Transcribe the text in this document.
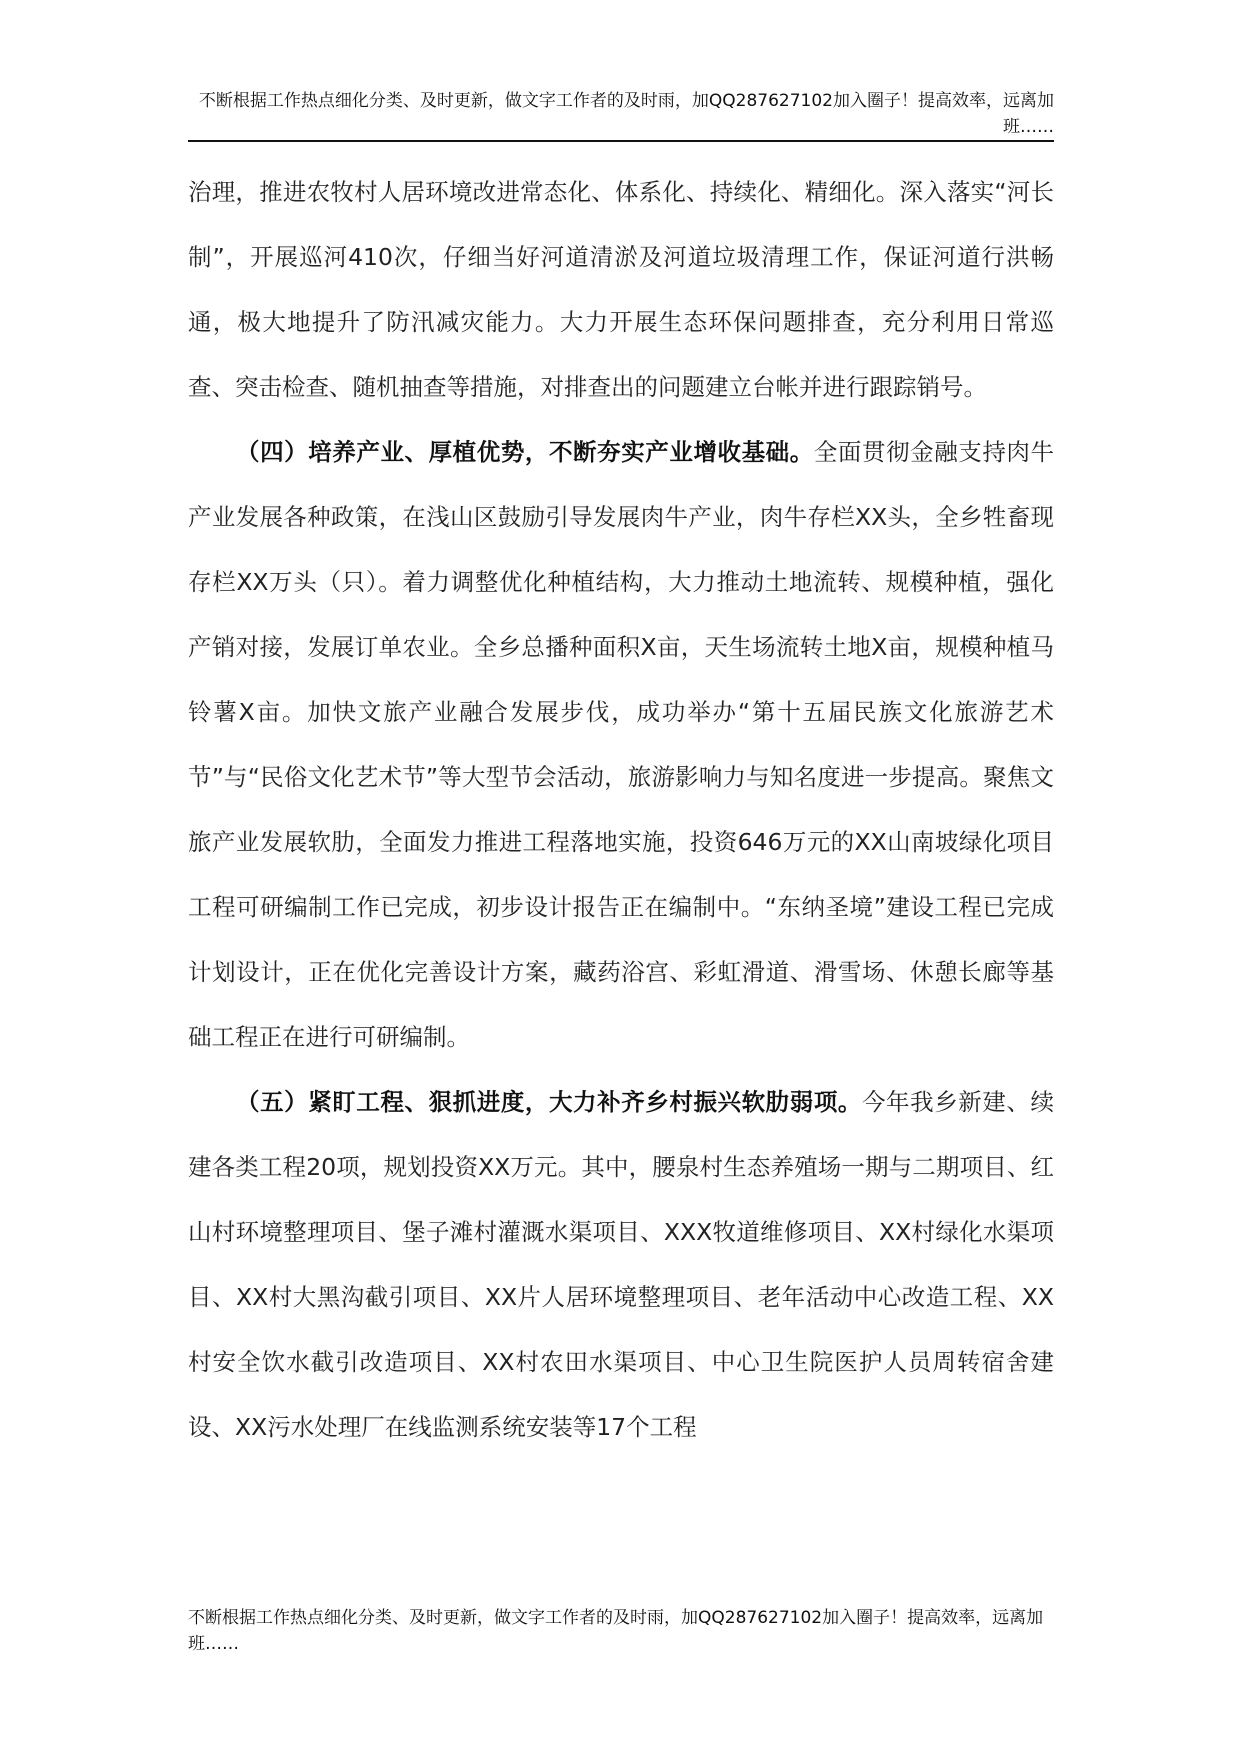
不断根据工作热点细化分类、及时更新，做文字工作者的及时雨，加QQ287627102加入圈子！提高效率，远离加班……

治理，推进农牧村人居环境改进常态化、体系化、持续化、精细化。深入落实“河长制”，开展巡河410次，仔细当好河道清淤及河道垃圾清理工作，保证河道行洪畅通，极大地提升了防汛减灾能力。大力开展生态环保问题排查，充分利用日常巡查、突击检查、随机抽查等措施，对排查出的问题建立台帐并进行跟踪销号。

（四）培养产业、厚植优势，不断夯实产业增收基础。全面贯彻金融支持肉牛产业发展各种政策，在浅山区鼓励引导发展肉牛产业，肉牛存栏XX头，全乡牲畜现存栏XX万头（只）。着力调整优化种植结构，大力推动土地流转、规模种植，强化产销对接，发展订单农业。全乡总播种面积X亩，天生场流转土地X亩，规模种植马铃薯X亩。加快文旅产业融合发展步伐，成功举办“第十五届民族文化旅游艺术节”与“民俗文化艺术节”等大型节会活动，旅游影响力与知名度进一步提高。聚焦文旅产业发展软肋，全面发力推进工程落地实施，投资646万元的XX山南坡绿化项目工程可研编制工作已完成，初步设计报告正在编制中。“东纳圣境”建设工程已完成计划设计，正在优化完善设计方案，藏药浴宫、彩虹滑道、滑雪场、休憩长廊等基础工程正在进行可研编制。

（五）紧盯工程、狠抓进度，大力补齐乡村振兴软肋弱项。今年我乡新建、续建各类工程20项，规划投资XX万元。其中，腰泉村生态养殖场一期与二期项目、红山村环境整理项目、堡子滩村灌溉水渠项目、XXX牧道维修项目、XX村绿化水渠项目、XX村大黑沟截引项目、XX片人居环境整理项目、老年活动中心改造工程、XX村安全饮水截引改造项目、XX村农田水渠项目、中心卫生院医护人员周转宿舍建设、XX污水处理厂在线监测系统安装等17个工程

不断根据工作热点细化分类、及时更新，做文字工作者的及时雨，加QQ287627102加入圈子！提高效率，远离加班……
